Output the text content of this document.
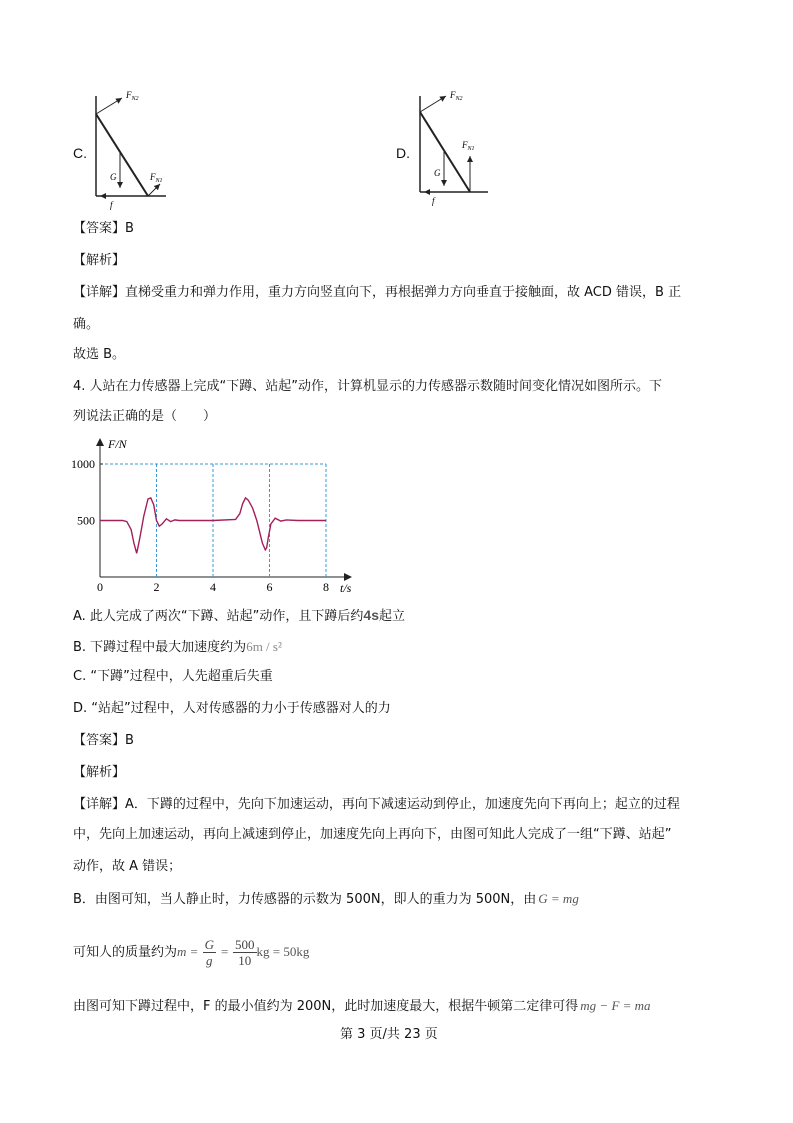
C.
$F_{N2}$
G	$F_{N1}$
f
D.
$F_{N2}$
$F_{N1}$
G
f
【答案】B
【解析】
【详解】直梯受重力和弹力作用，重力方向竖直向下，再根据弹力方向垂直于接触面，故 ACD 错误，B 正
确。
故选 B。
4. 人站在力传感器上完成“下蹲、站起”动作，计算机显示的力传感器示数随时间变化情况如图所示。下
列说法正确的是（　　）
0	2	4	6	8
500
1000
F/N
t/s
A. 此人完成了两次“下蹲、站起”动作，且下蹲后约4s起立
B. 下蹲过程中最大加速度约为6m / s²
C. “下蹲”过程中，人先超重后失重
D. “站起”过程中，人对传感器的力小于传感器对人的力
【答案】B
【解析】
【详解】A．下蹲的过程中，先向下加速运动，再向下减速运动到停止，加速度先向下再向上；起立的过程
中，先向上加速运动，再向上减速到停止，加速度先向上再向下，由图可知此人完成了一组“下蹲、站起”
动作，故 A 错误；
B．由图可知，当人静止时，力传感器的示数为 500N，即人的重力为 500N，由 G = mg
可知人的质量约为$m = \frac{G}{g} = \frac{500}{10}$ kg = 50kg
由图可知下蹲过程中，F 的最小值约为 200N，此时加速度最大，根据牛顿第二定律可得 mg − F = ma
第 3 页/共 23 页
